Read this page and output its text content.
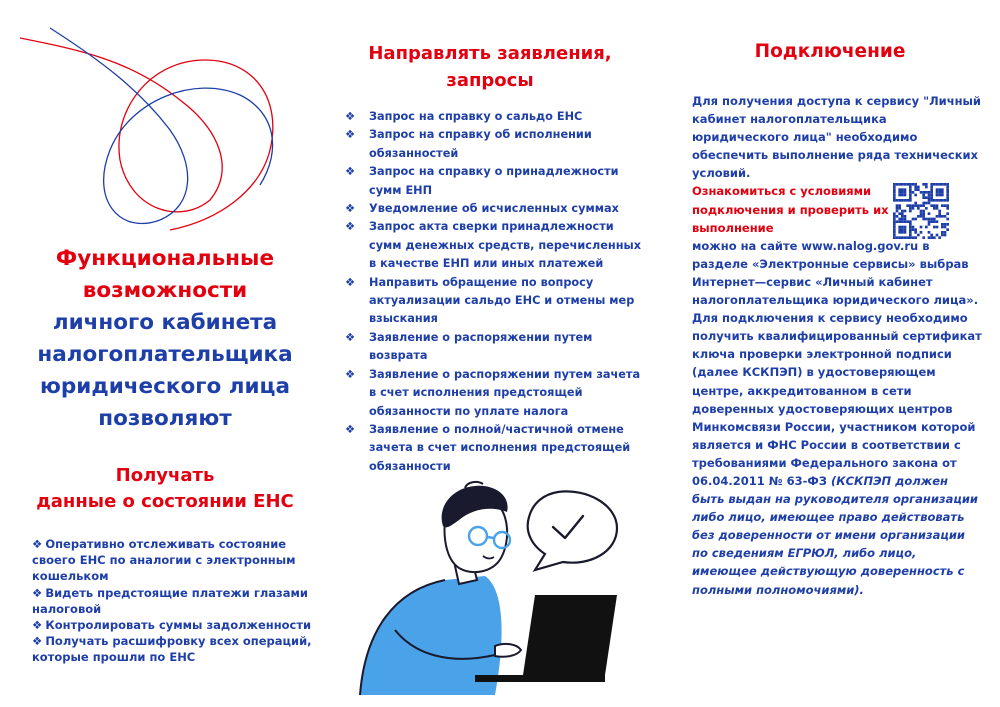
Функциональные
возможности
личного кабинета
налогоплательщика
юридического лица
позволяют
Получать
данные о состоянии ЕНС
❖ Оперативно отслеживать состояние своего ЕНС по аналогии с электронным кошельком
❖ Видеть предстоящие платежи глазами налоговой
❖ Контролировать суммы задолженности
❖ Получать расшифровку всех операций, которые прошли по ЕНС
Направлять заявления,
запросы
❖ Запрос на справку о сальдо ЕНС
❖ Запрос на справку об исполнении обязанностей
❖ Запрос на справку о принадлежности сумм ЕНП
❖ Уведомление об исчисленных суммах
❖ Запрос акта сверки принадлежности сумм денежных средств, перечисленных в качестве ЕНП или иных платежей
❖ Направить обращение по вопросу актуализации сальдо ЕНС и отмены мер взыскания
❖ Заявление о распоряжении путем возврата
❖ Заявление о распоряжении путем зачета в счет исполнения предстоящей обязанности по уплате налога
❖ Заявление о полной/частичной отмене зачета в счет исполнения предстоящей обязанности
Подключение

Для получения доступа к сервису "Личный кабинет налогоплательщика юридического лица" необходимо обеспечить выполнение ряда технических условий.

Ознакомиться с условиями подключения и проверить их выполнение

можно на сайте www.nalog.gov.ru в разделе «Электронные сервисы» выбрав Интернет—сервис «Личный кабинет налогоплательщика юридического лица».

Для подключения к сервису необходимо получить квалифицированный сертификат ключа проверки электронной подписи (далее КСКПЭП) в удостоверяющем центре, аккредитованном в сети доверенных удостоверяющих центров Минкомсвязи России, участником которой является и ФНС России в соответствии с требованиями Федерального закона от 06.04.2011 № 63-ФЗ (КСКПЭП должен быть выдан на руководителя организации либо лицо, имеющее право действовать без доверенности от имени организации по сведениям ЕГРЮЛ, либо лицо, имеющее действующую доверенность с полными полномочиями).
